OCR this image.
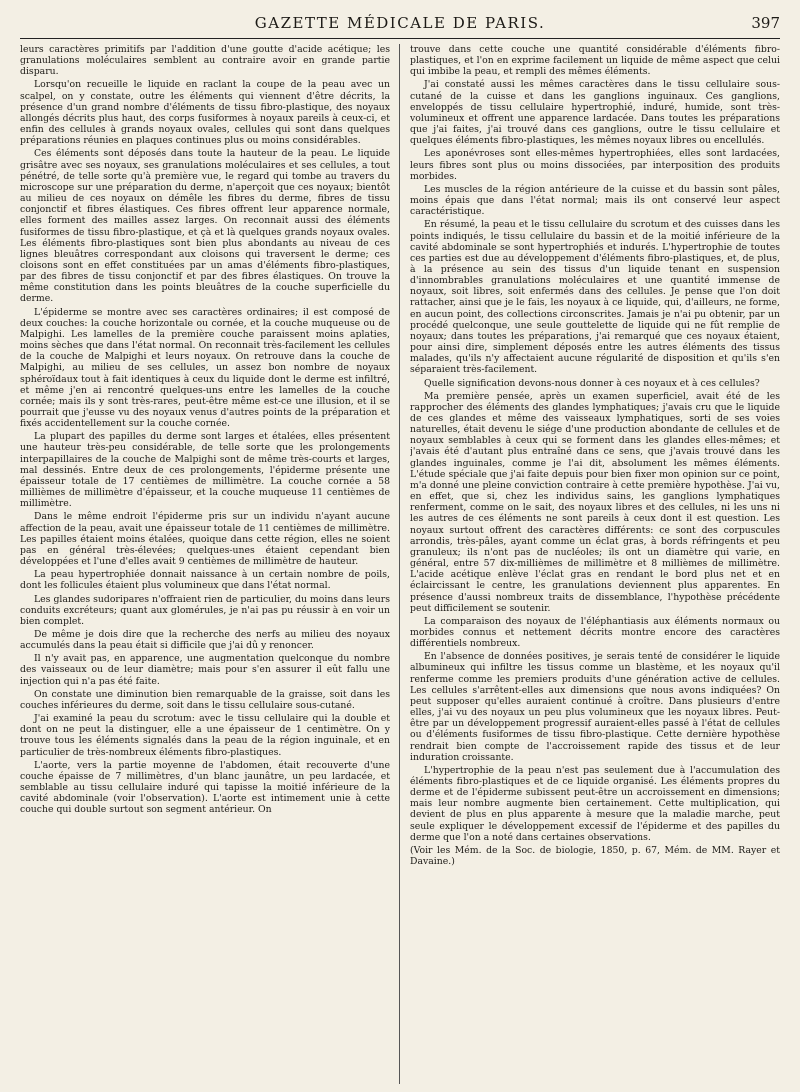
GAZETTE MÉDICALE DE PARIS.	397

leurs caractères primitifs par l'addition d'une goutte d'acide acétique; les granulations moléculaires semblent au contraire avoir en grande partie disparu.

Lorsqu'on recueille le liquide en raclant la coupe de la peau avec un scalpel, on y constate, outre les éléments qui viennent d'être décrits, la présence d'un grand nombre d'éléments de tissu fibro-plastique, des noyaux allongés décrits plus haut, des corps fusiformes à noyaux pareils à ceux-ci, et enfin des cellules à grands noyaux ovales, cellules qui sont dans quelques préparations réunies en plaques continues plus ou moins considérables.

Ces éléments sont déposés dans toute la hauteur de la peau. Le liquide grisâtre avec ses noyaux, ses granulations moléculaires et ses cellules, a tout pénétré, de telle sorte qu'à première vue, le regard qui tombe au travers du microscope sur une préparation du derme, n'aperçoit que ces noyaux; bientôt au milieu de ces noyaux on démêle les fibres du derme, fibres de tissu conjonctif et fibres élastiques. Ces fibres offrent leur apparence normale, elles forment des mailles assez larges. On reconnait aussi des éléments fusiformes de tissu fibro-plastique, et çà et là quelques grands noyaux ovales. Les éléments fibro-plastiques sont bien plus abondants au niveau de ces lignes bleuâtres correspondant aux cloisons qui traversent le derme; ces cloisons sont en effet constituées par un amas d'éléments fibro-plastiques, par des fibres de tissu conjonctif et par des fibres élastiques. On trouve la même constitution dans les points bleuâtres de la couche superficielle du derme.

L'épiderme se montre avec ses caractères ordinaires; il est composé de deux couches: la couche horizontale ou cornée, et la couche muqueuse ou de Malpighi. Les lamelles de la première couche paraissent moins aplaties, moins sèches que dans l'état normal. On reconnait très-facilement les cellules de la couche de Malpighi et leurs noyaux. On retrouve dans la couche de Malpighi, au milieu de ses cellules, un assez bon nombre de noyaux sphéroïdaux tout à fait identiques à ceux du liquide dont le derme est infiltré, et même j'en ai rencontré quelques-uns entre les lamelles de la couche cornée; mais ils y sont très-rares, peut-être même est-ce une illusion, et il se pourrait que j'eusse vu des noyaux venus d'autres points de la préparation et fixés accidentellement sur la couche cornée.

La plupart des papilles du derme sont larges et étalées, elles présentent une hauteur très-peu considérable, de telle sorte que les prolongements interpapillaires de la couche de Malpighi sont de même très-courts et larges, mal dessinés. Entre deux de ces prolongements, l'épiderme présente une épaisseur totale de 17 centièmes de millimètre. La couche cornée a 58 millièmes de millimètre d'épaisseur, et la couche muqueuse 11 centièmes de millimètre.

Dans le même endroit l'épiderme pris sur un individu n'ayant aucune affection de la peau, avait une épaisseur totale de 11 centièmes de millimètre. Les papilles étaient moins étalées, quoique dans cette région, elles ne soient pas en général très-élevées; quelques-unes étaient cependant bien développées et l'une d'elles avait 9 centièmes de millimètre de hauteur.

La peau hypertrophiée donnait naissance à un certain nombre de poils, dont les follicules étaient plus volumineux que dans l'état normal.

Les glandes sudoripares n'offraient rien de particulier, du moins dans leurs conduits excréteurs; quant aux glomérules, je n'ai pas pu réussir à en voir un bien complet.

De même je dois dire que la recherche des nerfs au milieu des noyaux accumulés dans la peau était si difficile que j'ai dû y renoncer.

Il n'y avait pas, en apparence, une augmentation quelconque du nombre des vaisseaux ou de leur diamètre; mais pour s'en assurer il eût fallu une injection qui n'a pas été faite.

On constate une diminution bien remarquable de la graisse, soit dans les couches inférieures du derme, soit dans le tissu cellulaire sous-cutané.

J'ai examiné la peau du scrotum: avec le tissu cellulaire qui la double et dont on ne peut la distinguer, elle a une épaisseur de 1 centimètre. On y trouve tous les éléments signalés dans la peau de la région inguinale, et en particulier de très-nombreux éléments fibro-plastiques.

L'aorte, vers la partie moyenne de l'abdomen, était recouverte d'une couche épaisse de 7 millimètres, d'un blanc jaunâtre, un peu lardacée, et semblable au tissu cellulaire induré qui tapisse la moitié inférieure de la cavité abdominale (voir l'observation). L'aorte est intimement unie à cette couche qui double surtout son segment antérieur. On

trouve dans cette couche une quantité considérable d'éléments fibro-plastiques, et l'on en exprime facilement un liquide de même aspect que celui qui imbibe la peau, et rempli des mêmes éléments.

J'ai constaté aussi les mêmes caractères dans le tissu cellulaire sous-cutané de la cuisse et dans les ganglions inguinaux. Ces ganglions, enveloppés de tissu cellulaire hypertrophié, induré, humide, sont très-volumineux et offrent une apparence lardacée. Dans toutes les préparations que j'ai faites, j'ai trouvé dans ces ganglions, outre le tissu cellulaire et quelques éléments fibro-plastiques, les mêmes noyaux libres ou encellulés.

Les aponévroses sont elles-mêmes hypertrophiées, elles sont lardacées, leurs fibres sont plus ou moins dissociées, par interposition des produits morbides.

Les muscles de la région antérieure de la cuisse et du bassin sont pâles, moins épais que dans l'état normal; mais ils ont conservé leur aspect caractéristique.

En résumé, la peau et le tissu cellulaire du scrotum et des cuisses dans les points indiqués, le tissu cellulaire du bassin et de la moitié inférieure de la cavité abdominale se sont hypertrophiés et indurés. L'hypertrophie de toutes ces parties est due au développement d'éléments fibro-plastiques, et, de plus, à la présence au sein des tissus d'un liquide tenant en suspension d'innombrables granulations moléculaires et une quantité immense de noyaux, soit libres, soit enfermés dans des cellules. Je pense que l'on doit rattacher, ainsi que je le fais, les noyaux à ce liquide, qui, d'ailleurs, ne forme, en aucun point, des collections circonscrites. Jamais je n'ai pu obtenir, par un procédé quelconque, une seule gouttelette de liquide qui ne fût remplie de noyaux; dans toutes les préparations, j'ai remarqué que ces noyaux étaient, pour ainsi dire, simplement déposés entre les autres éléments des tissus malades, qu'ils n'y affectaient aucune régularité de disposition et qu'ils s'en séparaient très-facilement.

Quelle signification devons-nous donner à ces noyaux et à ces cellules?

Ma première pensée, après un examen superficiel, avait été de les rapprocher des éléments des glandes lymphatiques; j'avais cru que le liquide de ces glandes et même des vaisseaux lymphatiques, sorti de ses voies naturelles, était devenu le siége d'une production abondante de cellules et de noyaux semblables à ceux qui se forment dans les glandes elles-mêmes; et j'avais été d'autant plus entraîné dans ce sens, que j'avais trouvé dans les glandes inguinales, comme je l'ai dit, absolument les mêmes éléments. L'étude spéciale que j'ai faite depuis pour bien fixer mon opinion sur ce point, m'a donné une pleine conviction contraire à cette première hypothèse. J'ai vu, en effet, que si, chez les individus sains, les ganglions lymphatiques renferment, comme on le sait, des noyaux libres et des cellules, ni les uns ni les autres de ces éléments ne sont pareils à ceux dont il est question. Les noyaux surtout offrent des caractères différents: ce sont des corpuscules arrondis, très-pâles, ayant comme un éclat gras, à bords réfringents et peu granuleux; ils n'ont pas de nucléoles; ils ont un diamètre qui varie, en général, entre 57 dix-millièmes de millimètre et 8 millièmes de millimètre. L'acide acétique enlève l'éclat gras en rendant le bord plus net et en éclaircissant le centre, les granulations deviennent plus apparentes. En présence d'aussi nombreux traits de dissemblance, l'hypothèse précédente peut difficilement se soutenir.

La comparaison des noyaux de l'éléphantiasis aux éléments normaux ou morbides connus et nettement décrits montre encore des caractères différentiels nombreux.

En l'absence de données positives, je serais tenté de considérer le liquide albumineux qui infiltre les tissus comme un blastème, et les noyaux qu'il renferme comme les premiers produits d'une génération active de cellules. Les cellules s'arrêtent-elles aux dimensions que nous avons indiquées? On peut supposer qu'elles auraient continué à croître. Dans plusieurs d'entre elles, j'ai vu des noyaux un peu plus volumineux que les noyaux libres. Peut-être par un développement progressif auraient-elles passé à l'état de cellules ou d'éléments fusiformes de tissu fibro-plastique. Cette dernière hypothèse rendrait bien compte de l'accroissement rapide des tissus et de leur induration croissante.

L'hypertrophie de la peau n'est pas seulement due à l'accumulation des éléments fibro-plastiques et de ce liquide organisé. Les éléments propres du derme et de l'épiderme subissent peut-être un accroissement en dimensions; mais leur nombre augmente bien certainement. Cette multiplication, qui devient de plus en plus apparente à mesure que la maladie marche, peut seule expliquer le développement excessif de l'épiderme et des papilles du derme que l'on a noté dans certaines observations.

(Voir les Mém. de la Soc. de biologie, 1850, p. 67, Mém. de MM. Rayer et Davaine.)
